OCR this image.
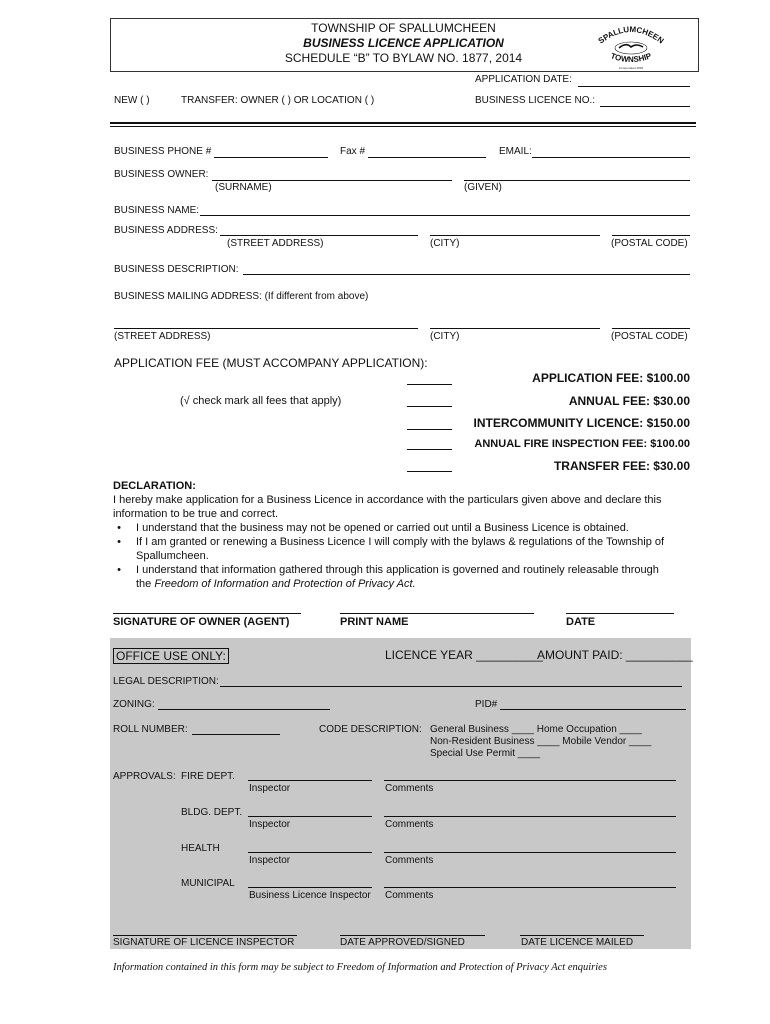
TOWNSHIP OF SPALLUMCHEEN
BUSINESS LICENCE APPLICATION
SCHEDULE “B” TO BYLAW NO. 1877, 2014
SPALLUMCHEEN
TOWNSHIP
Incorporated 1892
APPLICATION DATE:
NEW ( )	TRANSFER: OWNER ( ) OR LOCATION ( )	BUSINESS LICENCE NO.:
BUSINESS PHONE #	Fax #	EMAIL:
BUSINESS OWNER:
(SURNAME)	(GIVEN)
BUSINESS NAME:
BUSINESS ADDRESS:
(STREET ADDRESS)	(CITY)	(POSTAL CODE)
BUSINESS DESCRIPTION:
BUSINESS MAILING ADDRESS: (If different from above)
(STREET ADDRESS)	(CITY)	(POSTAL CODE)
APPLICATION FEE (MUST ACCOMPANY APPLICATION):
(√ check mark all fees that apply)
APPLICATION FEE: $100.00
ANNUAL FEE: $30.00
INTERCOMMUNITY LICENCE: $150.00
ANNUAL FIRE INSPECTION FEE: $100.00
TRANSFER FEE: $30.00
DECLARATION:
I hereby make application for a Business Licence in accordance with the particulars given above and declare this
information to be true and correct.
•	I understand that the business may not be opened or carried out until a Business Licence is obtained.
•	If I am granted or renewing a Business Licence I will comply with the bylaws & regulations of the Township of
Spallumcheen.
•	I understand that information gathered through this application is governed and routinely releasable through
the Freedom of Information and Protection of Privacy Act.
SIGNATURE OF OWNER (AGENT)	PRINT NAME	DATE
OFFICE USE ONLY:	LICENCE YEAR __________
AMOUNT PAID: __________
LEGAL DESCRIPTION:
ZONING:	PID#
ROLL NUMBER:	CODE DESCRIPTION: General Business ____ Home Occupation ____
Non-Resident Business ____ Mobile Vendor ____
Special Use Permit ____
APPROVALS: FIRE DEPT.
Inspector	Comments
BLDG. DEPT.
Inspector	Comments
HEALTH
Inspector	Comments
MUNICIPAL
Business Licence Inspector Comments
SIGNATURE OF LICENCE INSPECTOR	DATE APPROVED/SIGNED	DATE LICENCE MAILED
Information contained in this form may be subject to Freedom of Information and Protection of Privacy Act enquiries
